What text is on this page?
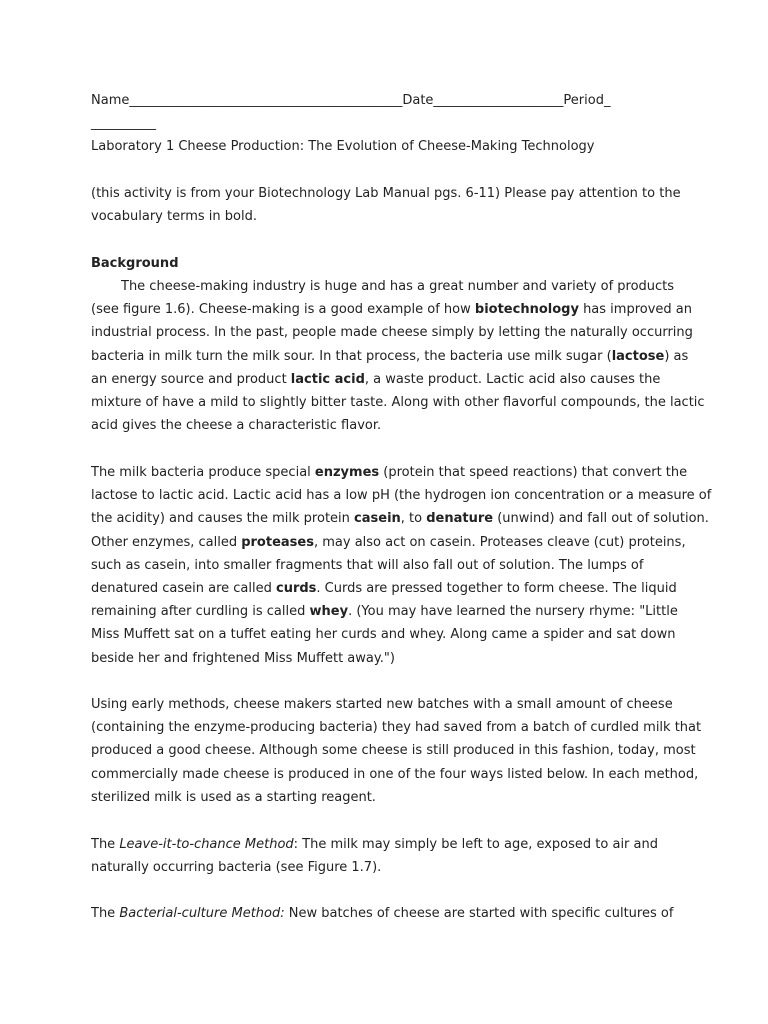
Name__________________________________________Date____________________Period_
__________
Laboratory 1 Cheese Production: The Evolution of Cheese-Making Technology
(this activity is from your Biotechnology Lab Manual pgs. 6-11) Please pay attention to the
vocabulary terms in bold.
Background
The cheese-making industry is huge and has a great number and variety of products
(see figure 1.6). Cheese-making is a good example of how biotechnology has improved an
industrial process. In the past, people made cheese simply by letting the naturally occurring
bacteria in milk turn the milk sour. In that process, the bacteria use milk sugar (lactose) as
an energy source and product lactic acid, a waste product. Lactic acid also causes the
mixture of have a mild to slightly bitter taste. Along with other flavorful compounds, the lactic
acid gives the cheese a characteristic flavor.
The milk bacteria produce special enzymes (protein that speed reactions) that convert the
lactose to lactic acid. Lactic acid has a low pH (the hydrogen ion concentration or a measure of
the acidity) and causes the milk protein casein, to denature (unwind) and fall out of solution.
Other enzymes, called proteases, may also act on casein. Proteases cleave (cut) proteins,
such as casein, into smaller fragments that will also fall out of solution. The lumps of
denatured casein are called curds. Curds are pressed together to form cheese. The liquid
remaining after curdling is called whey. (You may have learned the nursery rhyme: "Little
Miss Muffett sat on a tuffet eating her curds and whey. Along came a spider and sat down
beside her and frightened Miss Muffett away.")
Using early methods, cheese makers started new batches with a small amount of cheese
(containing the enzyme-producing bacteria) they had saved from a batch of curdled milk that
produced a good cheese. Although some cheese is still produced in this fashion, today, most
commercially made cheese is produced in one of the four ways listed below. In each method,
sterilized milk is used as a starting reagent.
The Leave-it-to-chance Method: The milk may simply be left to age, exposed to air and
naturally occurring bacteria (see Figure 1.7).
The Bacterial-culture Method: New batches of cheese are started with specific cultures of
